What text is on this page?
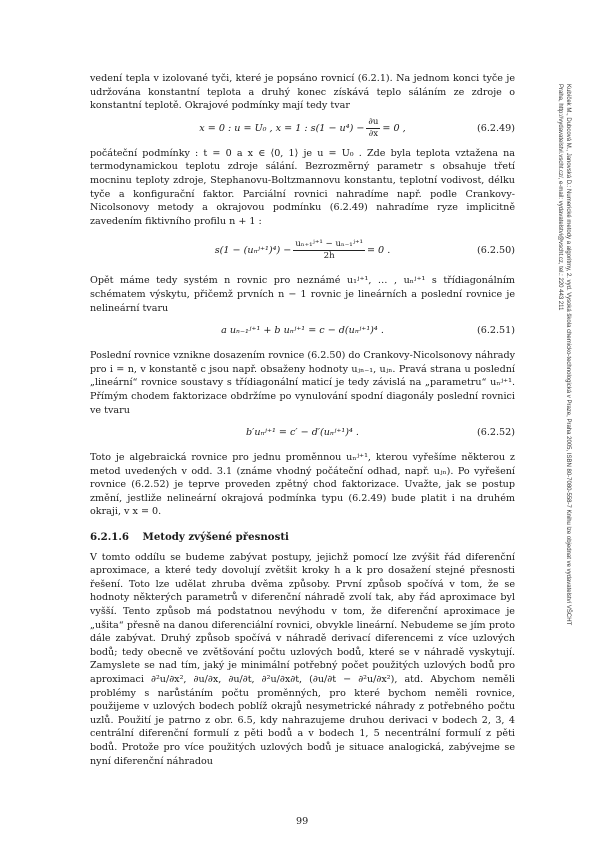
vedení tepla v izolované tyči, které je popsáno rovnicí (6.2.1). Na jednom konci tyče je udržována konstantní teplota a druhý konec získává teplo sáláním ze zdroje o konstantní teplotě. Okrajové podmínky mají tedy tvar

x = 0 : u = U₀ , x = 1 : $s(1 - u^4) - \frac{\partial u}{\partial x} = 0$ ,	(6.2.49)

počáteční podmínky : t = 0 a x ∈ ⟨0, 1⟩ je u = U₀ . Zde byla teplota vztažena na termodynamickou teplotu zdroje sálání. Bezrozměrný parametr s obsahuje třetí mocninu teploty zdroje, Stephanovu-Boltzmannovu konstantu, teplotní vodivost, délku tyče a konfigurační faktor. Parciální rovnici nahradíme např. podle Crankovy-Nicolsonovy metody a okrajovou podmínku (6.2.49) nahradíme ryze implicitně zavedením fiktivního profilu n + 1 :

s(1 − (uₙʲ⁺¹)⁴) − $\frac{\text{uₙ₊₁ʲ⁺¹ − uₙ₋₁ʲ⁺¹}}{2h} = 0$ .	(6.2.50)

Opět máme tedy systém n rovnic pro neznámé u₁ʲ⁺¹, … , uₙʲ⁺¹ s třídiagonálním schématem výskytu, přičemž prvních n − 1 rovnic je lineárních a poslední rovnice je nelineární tvaru

a uₙ₋₁ʲ⁺¹ + b uₙʲ⁺¹ = c − d(uₙʲ⁺¹)⁴ .	(6.2.51)

Poslední rovnice vznikne dosazením rovnice (6.2.50) do Crankovy-Nicolsonovy náhrady pro i = n, v konstantě c jsou např. obsaženy hodnoty uⱼₙ₋₁, uⱼₙ. Pravá strana u poslední „lineární“ rovnice soustavy s třídiagonální maticí je tedy závislá na „parametru“ uₙʲ⁺¹. Přímým chodem faktorizace obdržíme po vynulování spodní diagonály poslední rovnici ve tvaru

b′uₙʲ⁺¹ = c′ − d′(uₙʲ⁺¹)⁴ .	(6.2.52)

Toto je algebraická rovnice pro jednu proměnnou uₙʲ⁺¹, kterou vyřešíme některou z metod uvedených v odd. 3.1 (známe vhodný počáteční odhad, např. uⱼₙ). Po vyřešení rovnice (6.2.52) je teprve proveden zpětný chod faktorizace. Uvažte, jak se postup změní, jestliže nelineární okrajová podmínka typu (6.2.49) bude platit i na druhém okraji, v x = 0.

6.2.1.6 Metody zvýšené přesnosti

V tomto oddílu se budeme zabývat postupy, jejichž pomocí lze zvýšit řád diferenční aproximace, a které tedy dovolují zvětšit kroky h a k pro dosažení stejné přesnosti řešení. Toto lze udělat zhruba dvěma způsoby. První způsob spočívá v tom, že se hodnoty některých parametrů v diferenční náhradě zvolí tak, aby řád aproximace byl vyšší. Tento způsob má podstatnou nevýhodu v tom, že diferenční aproximace je „ušita“ přesně na danou diferenciální rovnici, obvykle lineární. Nebudeme se jím proto dále zabývat. Druhý způsob spočívá v náhradě derivací diferencemi z více uzlových bodů; tedy obecně ve zvětšování počtu uzlových bodů, které se v náhradě vyskytují. Zamyslete se nad tím, jaký je minimální potřebný počet použitých uzlových bodů pro aproximaci ∂²u/∂x², ∂u/∂x, ∂u/∂t, ∂²u/∂x∂t, (∂u/∂t − ∂²u/∂x²), atd. Abychom neměli problémy s narůstáním počtu proměnných, pro které bychom neměli rovnice, použijeme v uzlových bodech poblíž okrajů nesymetrické náhrady z potřebného počtu uzlů. Použití je patrno z obr. 6.5, kdy nahrazujeme druhou derivaci v bodech 2, 3, 4 centrální diferenční formulí z pěti bodů a v bodech 1, 5 necentrální formulí z pěti bodů. Protože pro více použitých uzlových bodů je situace analogická, zabývejme se nyní diferenční náhradou

99
Kubíček M., Dubcová M., Janovská D.: Numerické metody a algoritmy, 2. vyd. Vysoká škola chemicko-technologická v Praze, Praha 2005, ISBN 80-7080-558-7 Knihu lze objednat ve vydavatelství VŠCHT Praha, http://vydavatelstvi.vscht.cz/, e-mail: vydavatelstvi@vscht.cz, tel.: 220 443 211
